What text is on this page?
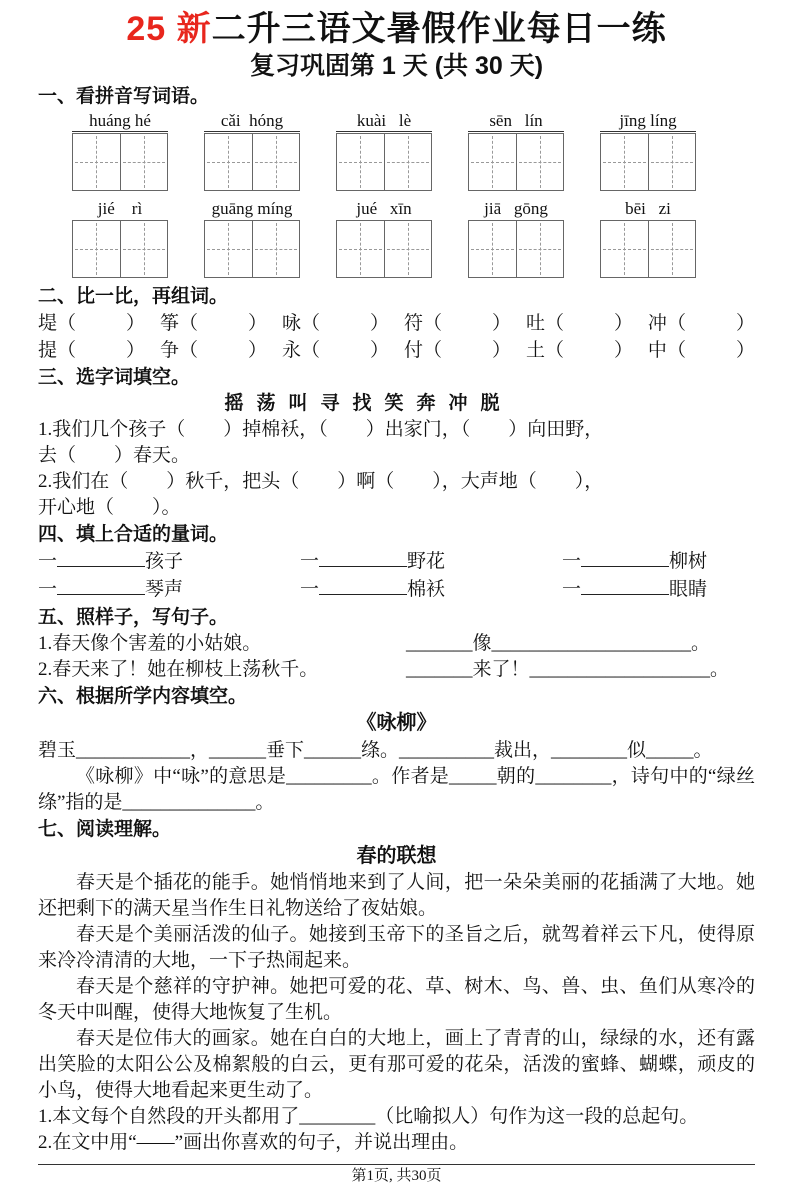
25 新二升三语文暑假作业每日一练
复习巩固第 1 天 (共 30 天)
一、看拼音写词语。
huáng hé	cǎi  hóng	kuài   lè	sēn   lín	jīng líng
jié    rì	guāng míng	jué   xīn	jiā   gōng	bēi   zi
二、比一比，再组词。
堤（	） 筝（	） 咏（	） 符（	） 吐（	） 冲（	）
提（	） 争（	） 永（	） 付（	） 土（	） 中（	）
三、选字词填空。
摇荡叫寻找笑奔冲脱
1.我们几个孩子（        ）掉棉袄，（        ）出家门，（        ）向田野，
去（        ）春天。
2.我们在（        ）秋千，把头（        ）啊（        ），大声地（        ），
开心地（        ）。
四、填上合适的量词。
一	孩子	一	野花	一	柳树
一	琴声	一	棉袄	一	眼睛
五、照样子，写句子。
1.春天像个害羞的小姑娘。	_______像_____________________。
2.春天来了！她在柳枝上荡秋千。	_______来了！___________________。
六、根据所学内容填空。
《咏柳》
碧玉____________，______垂下______绦。__________裁出，________似_____。
《咏柳》中“咏”的意思是_________。作者是_____朝的________，诗句中的“绿丝绦”指的是______________。
七、阅读理解。
春的联想

春天是个插花的能手。她悄悄地来到了人间，把一朵朵美丽的花插满了大地。她还把剩下的满天星当作生日礼物送给了夜姑娘。

春天是个美丽活泼的仙子。她接到玉帝下的圣旨之后，就驾着祥云下凡，使得原来冷冷清清的大地，一下子热闹起来。

春天是个慈祥的守护神。她把可爱的花、草、树木、鸟、兽、虫、鱼们从寒冷的冬天中叫醒，使得大地恢复了生机。

春天是位伟大的画家。她在白白的大地上，画上了青青的山，绿绿的水，还有露出笑脸的太阳公公及棉絮般的白云，更有那可爱的花朵，活泼的蜜蜂、蝴蝶，顽皮的小鸟，使得大地看起来更生动了。

1.本文每个自然段的开头都用了________（比喻拟人）句作为这一段的总起句。
2.在文中用“——”画出你喜欢的句子，并说出理由。
第1页, 共30页
